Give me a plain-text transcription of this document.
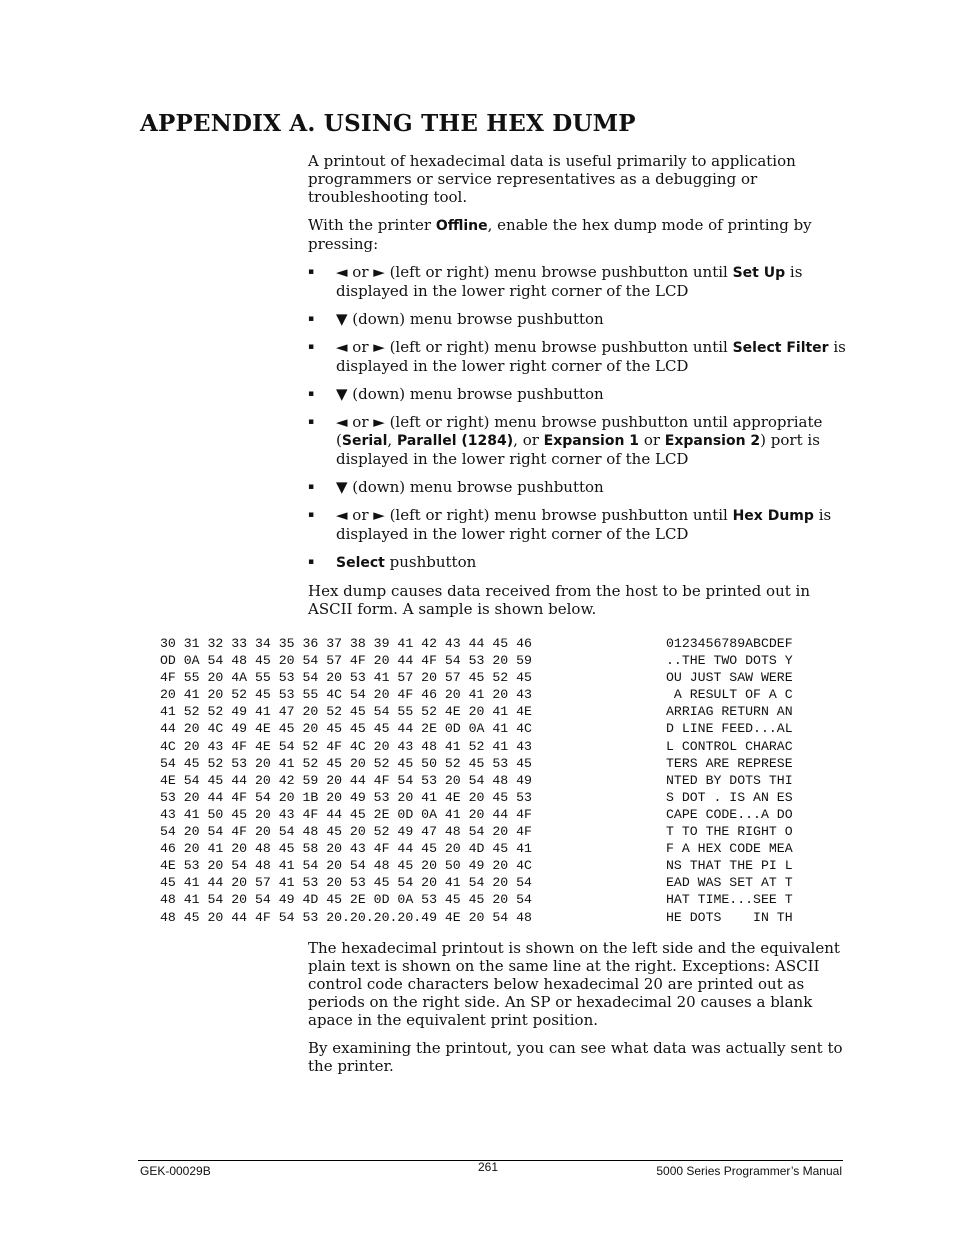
APPENDIX A. USING THE HEX DUMP

A printout of hexadecimal data is useful primarily to application programmers or service representatives as a debugging or troubleshooting tool.

With the printer Offline, enable the hex dump mode of printing by pressing:

▪ ◄ or ► (left or right) menu browse pushbutton until Set Up is displayed in the lower right corner of the LCD
▪ ▼ (down) menu browse pushbutton
▪ ◄ or ► (left or right) menu browse pushbutton until Select Filter is displayed in the lower right corner of the LCD
▪ ▼ (down) menu browse pushbutton
▪ ◄ or ► (left or right) menu browse pushbutton until appropriate (Serial, Parallel (1284), or Expansion 1 or Expansion 2) port is displayed in the lower right corner of the LCD
▪ ▼ (down) menu browse pushbutton
▪ ◄ or ► (left or right) menu browse pushbutton until Hex Dump is displayed in the lower right corner of the LCD
▪ Select pushbutton

Hex dump causes data received from the host to be printed out in ASCII form. A sample is shown below.

30 31 32 33 34 35 36 37 38 39 41 42 43 44 45 46	0123456789ABCDEF
OD 0A 54 48 45 20 54 57 4F 20 44 4F 54 53 20 59	..THE TWO DOTS Y
4F 55 20 4A 55 53 54 20 53 41 57 20 57 45 52 45	OU JUST SAW WERE
20 41 20 52 45 53 55 4C 54 20 4F 46 20 41 20 43	A RESULT OF A C
41 52 52 49 41 47 20 52 45 54 55 52 4E 20 41 4E	ARRIAG RETURN AN
44 20 4C 49 4E 45 20 45 45 45 44 2E 0D 0A 41 4C	D LINE FEED...AL
4C 20 43 4F 4E 54 52 4F 4C 20 43 48 41 52 41 43	L CONTROL CHARAC
54 45 52 53 20 41 52 45 20 52 45 50 52 45 53 45	TERS ARE REPRESE
4E 54 45 44 20 42 59 20 44 4F 54 53 20 54 48 49	NTED BY DOTS THI
53 20 44 4F 54 20 1B 20 49 53 20 41 4E 20 45 53	S DOT . IS AN ES
43 41 50 45 20 43 4F 44 45 2E 0D 0A 41 20 44 4F	CAPE CODE...A DO
54 20 54 4F 20 54 48 45 20 52 49 47 48 54 20 4F	T TO THE RIGHT O
46 20 41 20 48 45 58 20 43 4F 44 45 20 4D 45 41	F A HEX CODE MEA
4E 53 20 54 48 41 54 20 54 48 45 20 50 49 20 4C	NS THAT THE PI L
45 41 44 20 57 41 53 20 53 45 54 20 41 54 20 54	EAD WAS SET AT T
48 41 54 20 54 49 4D 45 2E 0D 0A 53 45 45 20 54	HAT TIME...SEE T
48 45 20 44 4F 54 53 20.20.20.20.49 4E 20 54 48	HE DOTS    IN TH

The hexadecimal printout is shown on the left side and the equivalent plain text is shown on the same line at the right. Exceptions: ASCII control code characters below hexadecimal 20 are printed out as periods on the right side. An SP or hexadecimal 20 causes a blank apace in the equivalent print position.

By examining the printout, you can see what data was actually sent to the printer.

GEK-00029B	261	5000 Series Programmer’s Manual
